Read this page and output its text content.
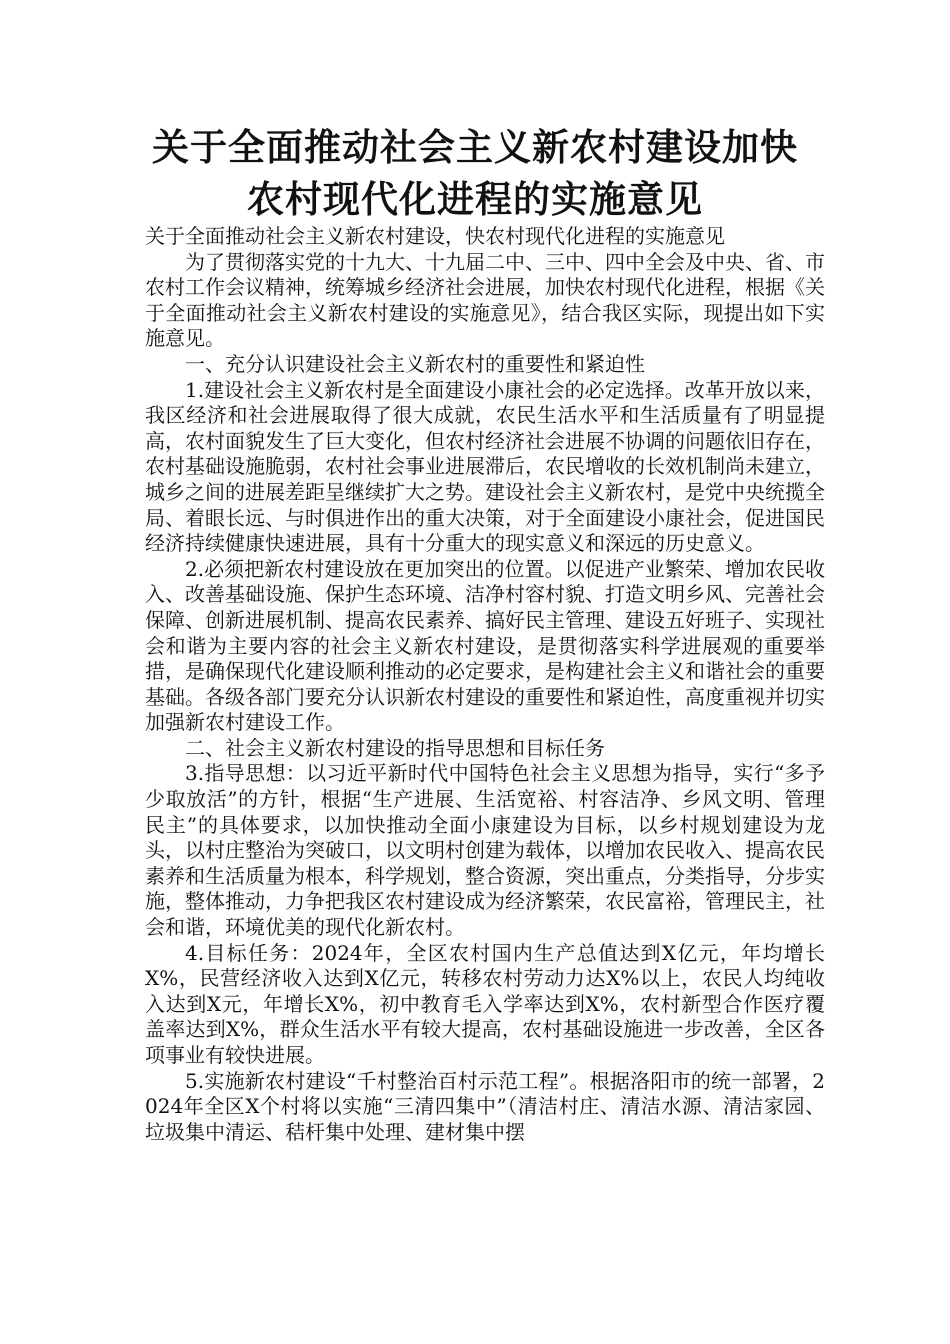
关于全面推动社会主义新农村建设加快
农村现代化进程的实施意见

关于全面推动社会主义新农村建设，快农村现代化进程的实施意见

为了贯彻落实党的十九大、十九届二中、三中、四中全会及中央、省、市农村工作会议精神，统筹城乡经济社会进展，加快农村现代化进程，根据《关于全面推动社会主义新农村建设的实施意见》，结合我区实际，现提出如下实施意见。

一、充分认识建设社会主义新农村的重要性和紧迫性

1.建设社会主义新农村是全面建设小康社会的必定选择。改革开放以来，我区经济和社会进展取得了很大成就，农民生活水平和生活质量有了明显提高，农村面貌发生了巨大变化，但农村经济社会进展不协调的问题依旧存在，农村基础设施脆弱，农村社会事业进展滞后，农民增收的长效机制尚未建立，城乡之间的进展差距呈继续扩大之势。建设社会主义新农村，是党中央统揽全局、着眼长远、与时俱进作出的重大决策，对于全面建设小康社会，促进国民经济持续健康快速进展，具有十分重大的现实意义和深远的历史意义。

2.必须把新农村建设放在更加突出的位置。以促进产业繁荣、增加农民收入、改善基础设施、保护生态环境、洁净村容村貌、打造文明乡风、完善社会保障、创新进展机制、提高农民素养、搞好民主管理、建设五好班子、实现社会和谐为主要内容的社会主义新农村建设，是贯彻落实科学进展观的重要举措，是确保现代化建设顺利推动的必定要求，是构建社会主义和谐社会的重要基础。各级各部门要充分认识新农村建设的重要性和紧迫性，高度重视并切实加强新农村建设工作。

二、社会主义新农村建设的指导思想和目标任务

3.指导思想：以习近平新时代中国特色社会主义思想为指导，实行“多予少取放活”的方针，根据“生产进展、生活宽裕、村容洁净、乡风文明、管理民主”的具体要求，以加快推动全面小康建设为目标，以乡村规划建设为龙头，以村庄整治为突破口，以文明村创建为载体，以增加农民收入、提高农民素养和生活质量为根本，科学规划，整合资源，突出重点，分类指导，分步实施，整体推动，力争把我区农村建设成为经济繁荣，农民富裕，管理民主，社会和谐，环境优美的现代化新农村。

4.目标任务：2024年，全区农村国内生产总值达到X亿元，年均增长X%，民营经济收入达到X亿元，转移农村劳动力达X%以上，农民人均纯收入达到X元，年增长X%，初中教育毛入学率达到X%，农村新型合作医疗覆盖率达到X%，群众生活水平有较大提高，农村基础设施进一步改善，全区各项事业有较快进展。

5.实施新农村建设“千村整治百村示范工程”。根据洛阳市的统一部署，2024年全区X个村将以实施“三清四集中”（清洁村庄、清洁水源、清洁家园、垃圾集中清运、秸杆集中处理、建材集中摆
